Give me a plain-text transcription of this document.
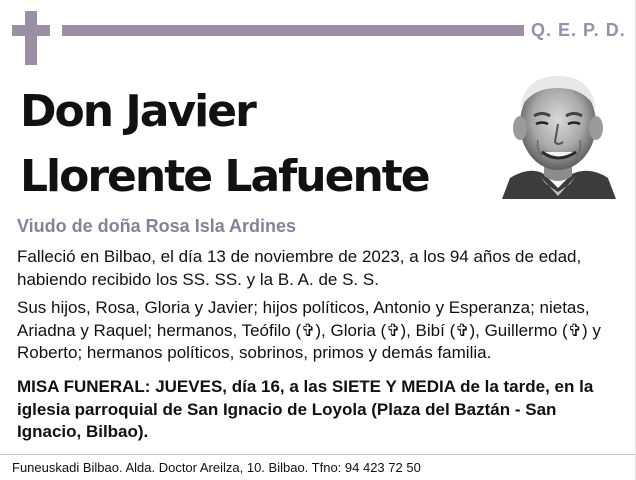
Q. E. P. D.
Don Javier
Llorente Lafuente
Viudo de doña Rosa Isla Ardines

Falleció en Bilbao, el día 13 de noviembre de 2023, a los 94 años de edad, habiendo recibido los SS. SS. y la B. A. de S. S.

Sus hijos, Rosa, Gloria y Javier; hijos políticos, Antonio y Esperanza; nietas, Ariadna y Raquel; hermanos, Teófilo (✞), Gloria (✞), Bibí (✞), Guillermo (✞) y Roberto; hermanos políticos, sobrinos, primos y demás familia.

MISA FUNERAL: JUEVES, día 16, a las SIETE Y MEDIA de la tarde, en la iglesia parroquial de San Ignacio de Loyola (Plaza del Baztán - San Ignacio, Bilbao).

Funeuskadi Bilbao. Alda. Doctor Areilza, 10. Bilbao. Tfno: 94 423 72 50
